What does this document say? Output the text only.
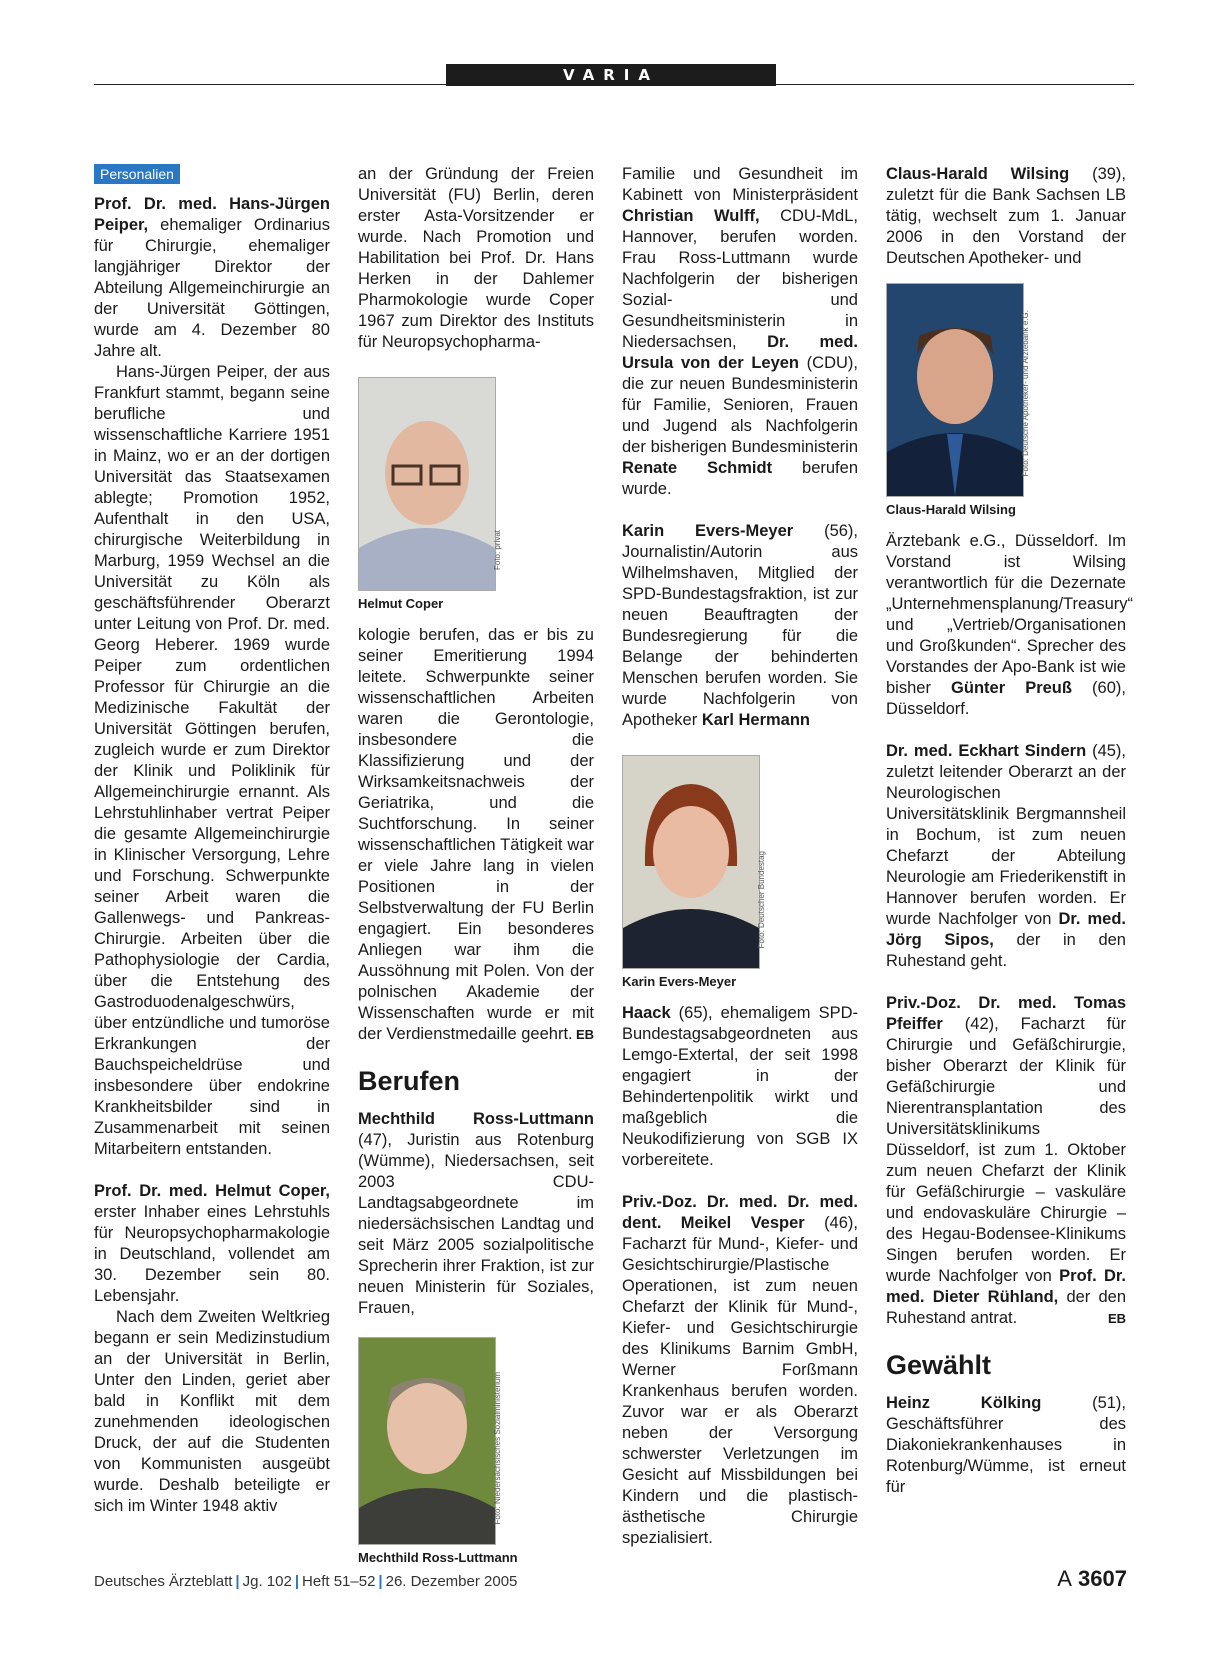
VARIA
Personalien

Prof. Dr. med. Hans-Jürgen Peiper, ehemaliger Ordinarius für Chirurgie, ehemaliger langjähriger Direktor der Abteilung Allgemeinchirurgie an der Universität Göttingen, wurde am 4. Dezember 80 Jahre alt.

Hans-Jürgen Peiper, der aus Frankfurt stammt, begann seine berufliche und wissenschaftliche Karriere 1951 in Mainz, wo er an der dortigen Universität das Staatsexamen ablegte; Promotion 1952, Aufenthalt in den USA, chirurgische Weiterbildung in Marburg, 1959 Wechsel an die Universität zu Köln als geschäftsführender Oberarzt unter Leitung von Prof. Dr. med. Georg Heberer. 1969 wurde Peiper zum ordentlichen Professor für Chirurgie an die Medizinische Fakultät der Universität Göttingen berufen, zugleich wurde er zum Direktor der Klinik und Poliklinik für Allgemeinchirurgie ernannt. Als Lehrstuhlinhaber vertrat Peiper die gesamte Allgemeinchirurgie in Klinischer Versorgung, Lehre und Forschung. Schwerpunkte seiner Arbeit waren die Gallenwegs- und Pankreas-Chirurgie. Arbeiten über die Pathophysiologie der Cardia, über die Entstehung des Gastroduodenalgeschwürs, über entzündliche und tumoröse Erkrankungen der Bauchspeicheldrüse und insbesondere über endokrine Krankheitsbilder sind in Zusammenarbeit mit seinen Mitarbeitern entstanden.

Prof. Dr. med. Helmut Coper, erster Inhaber eines Lehrstuhls für Neuropsychopharmakologie in Deutschland, vollendet am 30. Dezember sein 80. Lebensjahr.

Nach dem Zweiten Weltkrieg begann er sein Medizinstudium an der Universität in Berlin, Unter den Linden, geriet aber bald in Konflikt mit dem zunehmenden ideologischen Druck, der auf die Studenten von Kommunisten ausgeübt wurde. Deshalb beteiligte er sich im Winter 1948 aktiv

an der Gründung der Freien Universität (FU) Berlin, deren erster Asta-Vorsitzender er wurde. Nach Promotion und Habilitation bei Prof. Dr. Hans Herken in der Dahlemer Pharmokologie wurde Coper 1967 zum Direktor des Instituts für Neuropsychopharma-

Foto: privat
Helmut Coper

kologie berufen, das er bis zu seiner Emeritierung 1994 leitete. Schwerpunkte seiner wissenschaftlichen Arbeiten waren die Gerontologie, insbesondere die Klassifizierung und der Wirksamkeitsnachweis der Geriatrika, und die Suchtforschung. In seiner wissenschaftlichen Tätigkeit war er viele Jahre lang in vielen Positionen in der Selbstverwaltung der FU Berlin engagiert. Ein besonderes Anliegen war ihm die Aussöhnung mit Polen. Von der polnischen Akademie der Wissenschaften wurde er mit der Verdienstmedaille geehrt. EB

Berufen

Mechthild Ross-Luttmann (47), Juristin aus Rotenburg (Wümme), Niedersachsen, seit 2003 CDU-Landtagsabgeordnete im niedersächsischen Landtag und seit März 2005 sozialpolitische Sprecherin ihrer Fraktion, ist zur neuen Ministerin für Soziales, Frauen,

Foto: Niedersächsisches Sozialministerium
Mechthild Ross-Luttmann

Familie und Gesundheit im Kabinett von Ministerpräsident Christian Wulff, CDU-MdL, Hannover, berufen worden. Frau Ross-Luttmann wurde Nachfolgerin der bisherigen Sozial- und Gesundheitsministerin in Niedersachsen, Dr. med. Ursula von der Leyen (CDU), die zur neuen Bundesministerin für Familie, Senioren, Frauen und Jugend als Nachfolgerin der bisherigen Bundesministerin Renate Schmidt berufen wurde.

Karin Evers-Meyer (56), Journalistin/Autorin aus Wilhelmshaven, Mitglied der SPD-Bundestagsfraktion, ist zur neuen Beauftragten der Bundesregierung für die Belange der behinderten Menschen berufen worden. Sie wurde Nachfolgerin von Apotheker Karl Hermann

Foto: Deutscher Bundestag
Karin Evers-Meyer

Haack (65), ehemaligem SPD-Bundestagsabgeordneten aus Lemgo-Extertal, der seit 1998 engagiert in der Behindertenpolitik wirkt und maßgeblich die Neukodifizierung von SGB IX vorbereitete.

Priv.-Doz. Dr. med. Dr. med. dent. Meikel Vesper (46), Facharzt für Mund-, Kiefer- und Gesichtschirurgie/Plastische Operationen, ist zum neuen Chefarzt der Klinik für Mund-, Kiefer- und Gesichtschirurgie des Klinikums Barnim GmbH, Werner Forßmann Krankenhaus berufen worden. Zuvor war er als Oberarzt neben der Versorgung schwerster Verletzungen im Gesicht auf Missbildungen bei Kindern und die plastisch-ästhetische Chirurgie spezialisiert.

Claus-Harald Wilsing (39), zuletzt für die Bank Sachsen LB tätig, wechselt zum 1. Januar 2006 in den Vorstand der Deutschen Apotheker- und

Foto: Deutsche Apotheker- und Ärztebank e.G.
Claus-Harald Wilsing

Ärztebank e.G., Düsseldorf. Im Vorstand ist Wilsing verantwortlich für die Dezernate „Unternehmensplanung/Treasury“ und „Vertrieb/Organisationen und Großkunden“. Sprecher des Vorstandes der Apo-Bank ist wie bisher Günter Preuß (60), Düsseldorf.

Dr. med. Eckhart Sindern (45), zuletzt leitender Oberarzt an der Neurologischen Universitätsklinik Bergmannsheil in Bochum, ist zum neuen Chefarzt der Abteilung Neurologie am Friederikenstift in Hannover berufen worden. Er wurde Nachfolger von Dr. med. Jörg Sipos, der in den Ruhestand geht.

Priv.-Doz. Dr. med. Tomas Pfeiffer (42), Facharzt für Chirurgie und Gefäßchirurgie, bisher Oberarzt der Klinik für Gefäßchirurgie und Nierentransplantation des Universitätsklinikums Düsseldorf, ist zum 1. Oktober zum neuen Chefarzt der Klinik für Gefäßchirurgie – vaskuläre und endovaskuläre Chirurgie – des Hegau-Bodensee-Klinikums Singen berufen worden. Er wurde Nachfolger von Prof. Dr. med. Dieter Rühland, der den Ruhestand antrat.	EB

Gewählt

Heinz Kölking (51), Geschäftsführer des Diakoniekrankenhauses in Rotenburg/Wümme, ist erneut für

Deutsches Ärzteblatt | Jg. 102 | Heft 51–52 | 26. Dezember 2005	A 3607
